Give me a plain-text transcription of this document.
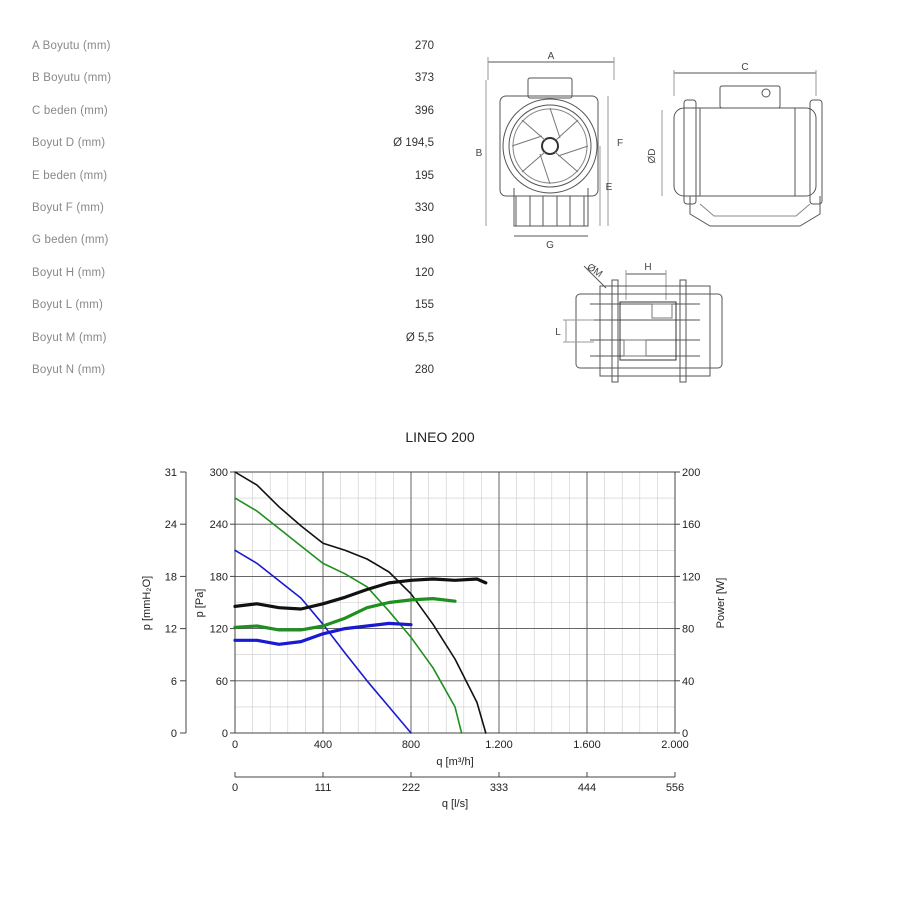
A Boyutu (mm)	270
B Boyutu (mm)	373
C beden (mm)	396
Boyut D (mm)	Ø 194,5
E beden (mm)	195
Boyut F (mm)	330
G beden (mm)	190
Boyut H (mm)	120
Boyut L (mm)	155
Boyut M (mm)	Ø 5,5
Boyut N (mm)	280
A
B
F
E
G
C
ØD
H
L
ØM
LINEO 200
0	400	800	1.200	1.600	2.000
0	111	222	333	444	556
0
60
120
180
240
300
0
6
12
18
24
31
0
40
80
120
160
200
q [m³/h]
q [l/s]
p [mmH₂O]	p [Pa]	Power [W]
